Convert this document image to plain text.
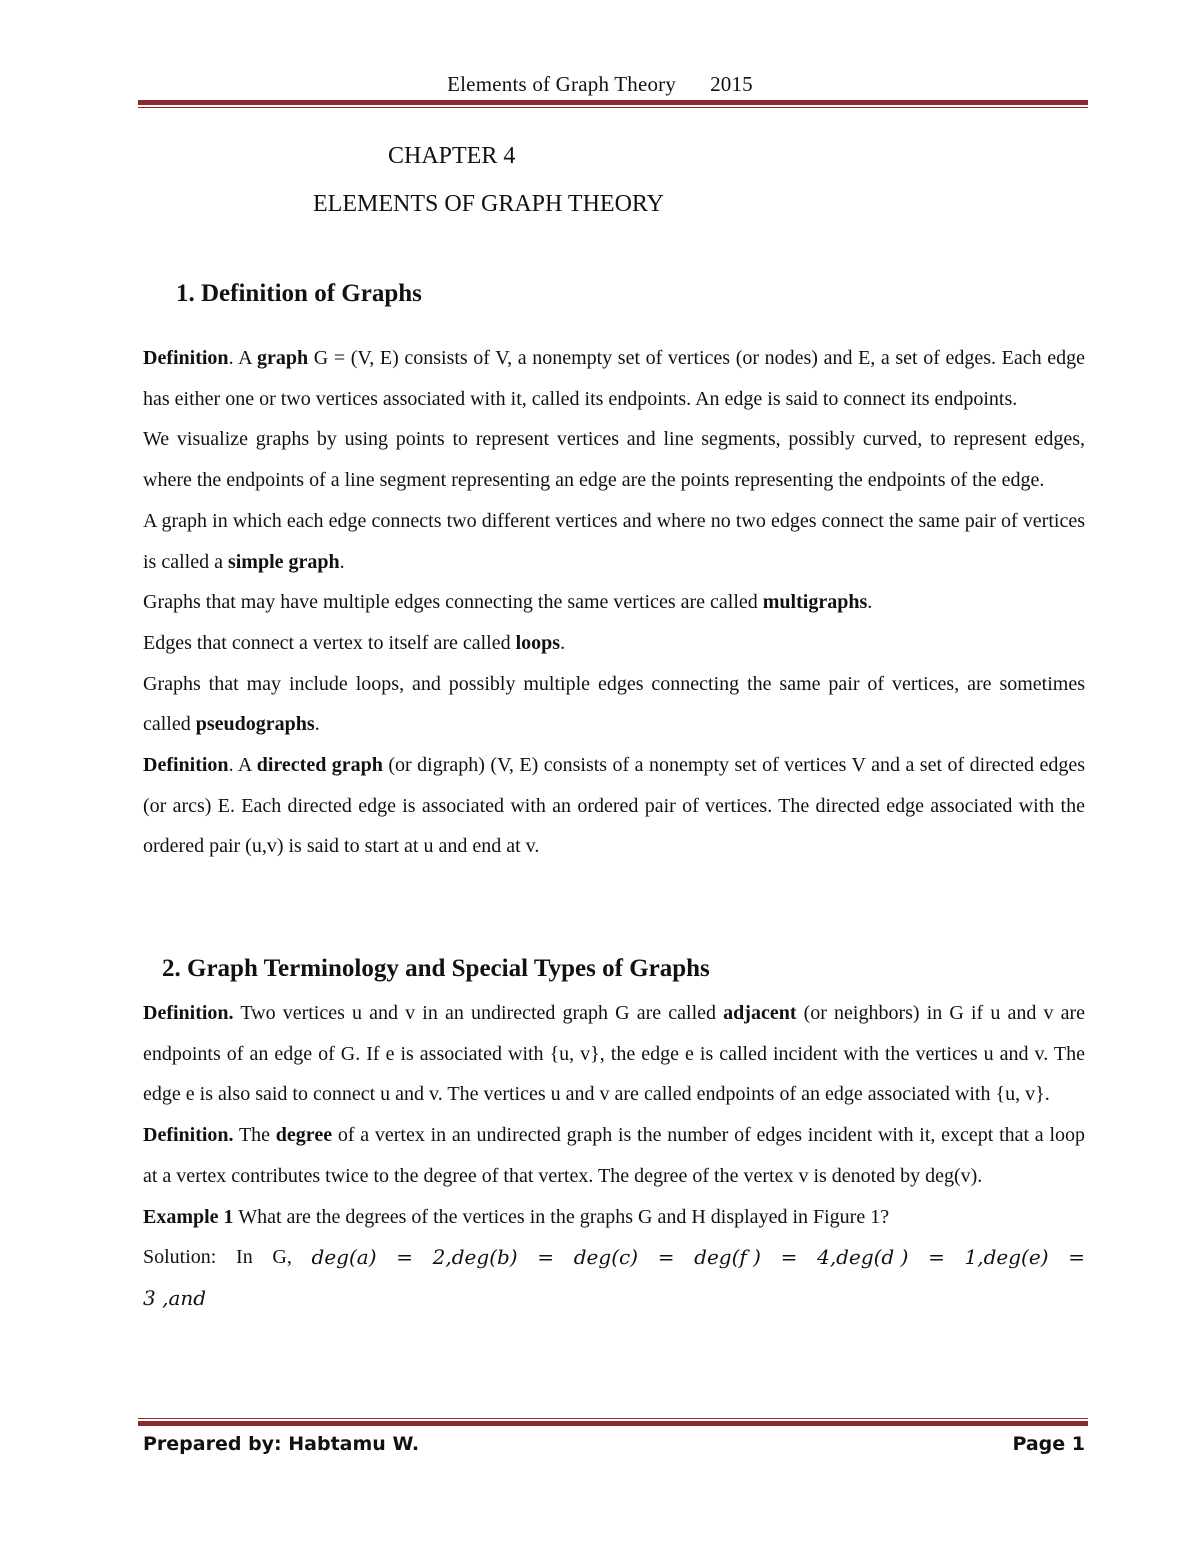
Elements of Graph Theory 2015
CHAPTER 4
ELEMENTS OF GRAPH THEORY
1. Definition of Graphs

Definition. A graph G = (V, E) consists of V, a nonempty set of vertices (or nodes) and E, a set of edges. Each edge has either one or two vertices associated with it, called its endpoints. An edge is said to connect its endpoints.

We visualize graphs by using points to represent vertices and line segments, possibly curved, to represent edges, where the endpoints of a line segment representing an edge are the points representing the endpoints of the edge.

A graph in which each edge connects two different vertices and where no two edges connect the same pair of vertices is called a simple graph.

Graphs that may have multiple edges connecting the same vertices are called multigraphs.

Edges that connect a vertex to itself are called loops.

Graphs that may include loops, and possibly multiple edges connecting the same pair of vertices, are sometimes called pseudographs.

Definition. A directed graph (or digraph) (V, E) consists of a nonempty set of vertices V and a set of directed edges (or arcs) E. Each directed edge is associated with an ordered pair of vertices. The directed edge associated with the ordered pair (u,v) is said to start at u and end at v.

2. Graph Terminology and Special Types of Graphs

Definition. Two vertices u and v in an undirected graph G are called adjacent (or neighbors) in G if u and v are endpoints of an edge of G. If e is associated with {u, v}, the edge e is called incident with the vertices u and v. The edge e is also said to connect u and v. The vertices u and v are called endpoints of an edge associated with {u, v}.

Definition. The degree of a vertex in an undirected graph is the number of edges incident with it, except that a loop at a vertex contributes twice to the degree of that vertex. The degree of the vertex v is denoted by deg(v).

Example 1 What are the degrees of the vertices in the graphs G and H displayed in Figure 1?

Solution: In G, deg(a) = 2,deg(b) = deg(c) = deg(f ) = 4,deg(d ) = 1,deg(e) =
3 ,and
Prepared by: Habtamu W.	Page 1
